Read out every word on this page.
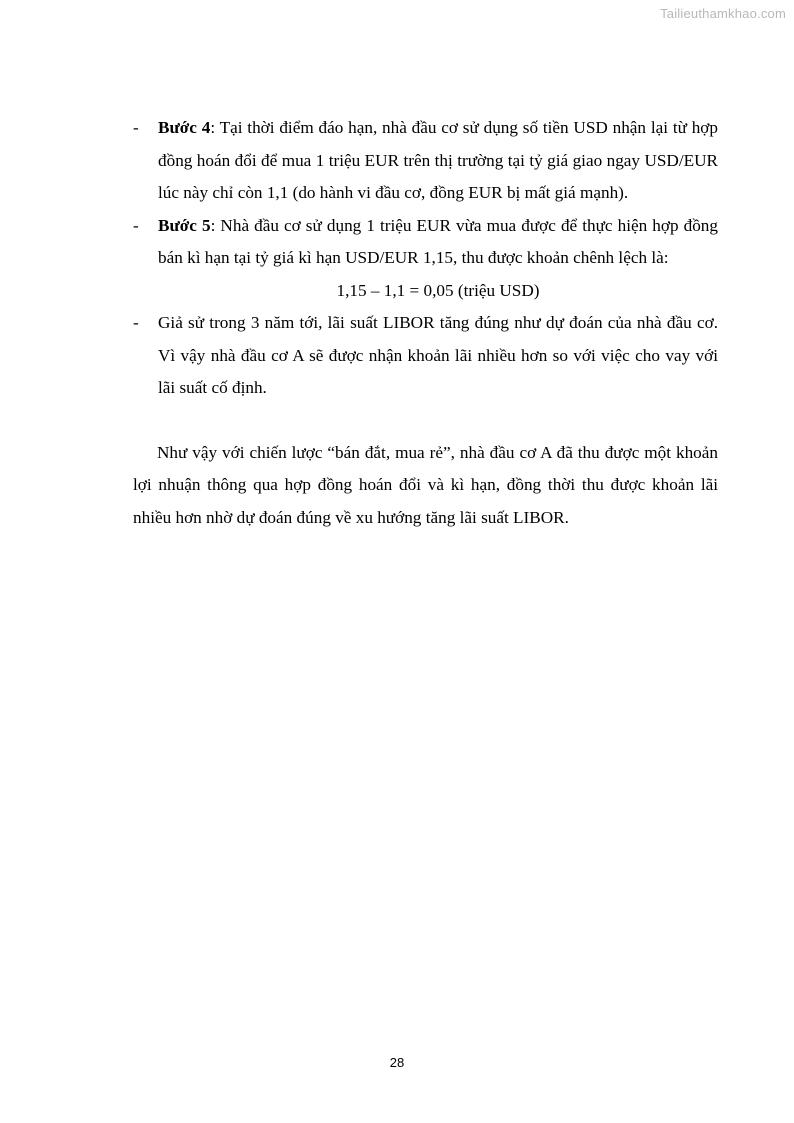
Tailieuthamkhao.com
- Bước 4: Tại thời điểm đáo hạn, nhà đầu cơ sử dụng số tiền USD nhận lại từ hợp đồng hoán đổi để mua 1 triệu EUR trên thị trường tại tỷ giá giao ngay USD/EUR lúc này chỉ còn 1,1 (do hành vi đầu cơ, đồng EUR bị mất giá mạnh).
- Bước 5: Nhà đầu cơ sử dụng 1 triệu EUR vừa mua được để thực hiện hợp đồng bán kì hạn tại tỷ giá kì hạn USD/EUR 1,15, thu được khoản chênh lệch là:
1,15 – 1,1 = 0,05 (triệu USD)
- Giả sử trong 3 năm tới, lãi suất LIBOR tăng đúng như dự đoán của nhà đầu cơ. Vì vậy nhà đầu cơ A sẽ được nhận khoản lãi nhiều hơn so với việc cho vay với lãi suất cố định.
Như vậy với chiến lược “bán đắt, mua rẻ”, nhà đầu cơ A đã thu được một khoản lợi nhuận thông qua hợp đồng hoán đổi và kì hạn, đồng thời thu được khoản lãi nhiều hơn nhờ dự đoán đúng về xu hướng tăng lãi suất LIBOR.
28
